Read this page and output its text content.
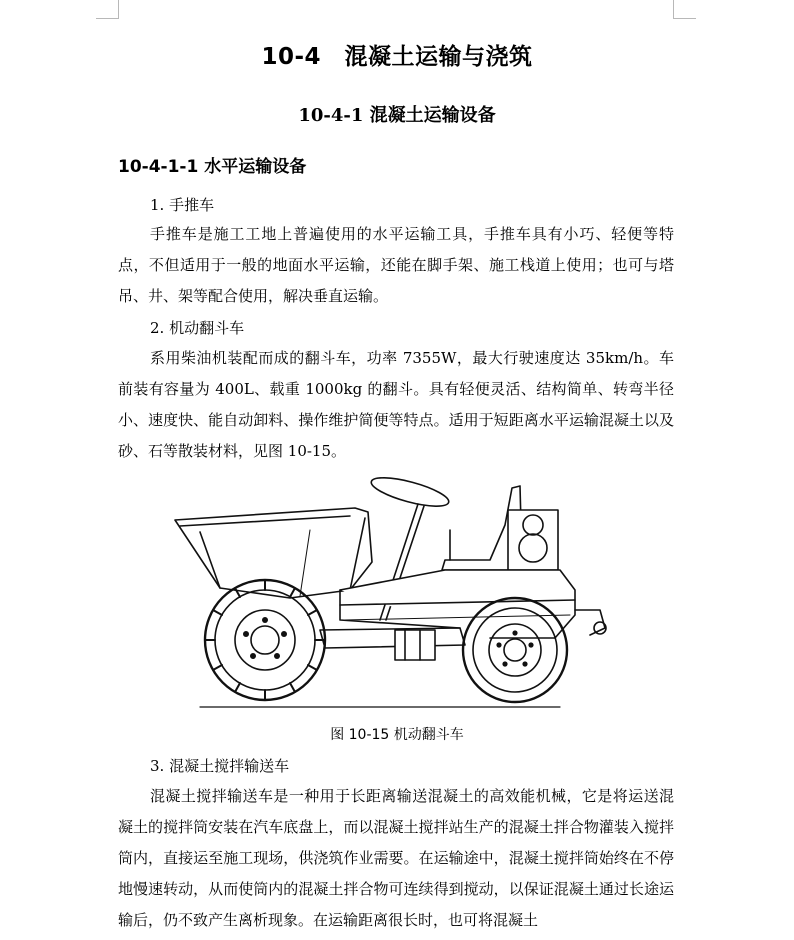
10-4　混凝土运输与浇筑
10-4-1 混凝土运输设备
10-4-1-1 水平运输设备
1. 手推车

手推车是施工工地上普遍使用的水平运输工具，手推车具有小巧、轻便等特点，不但适用于一般的地面水平运输，还能在脚手架、施工栈道上使用；也可与塔吊、井、架等配合使用，解决垂直运输。

2. 机动翻斗车

系用柴油机装配而成的翻斗车，功率 7355W，最大行驶速度达 35km/h。车前装有容量为 400L、载重 1000kg 的翻斗。具有轻便灵活、结构简单、转弯半径小、速度快、能自动卸料、操作维护简便等特点。适用于短距离水平运输混凝土以及砂、石等散装材料，见图 10-15。

图 10-15 机动翻斗车
3. 混凝土搅拌输送车

混凝土搅拌输送车是一种用于长距离输送混凝土的高效能机械，它是将运送混凝土的搅拌筒安装在汽车底盘上，而以混凝土搅拌站生产的混凝土拌合物灌装入搅拌筒内，直接运至施工现场，供浇筑作业需要。在运输途中，混凝土搅拌筒始终在不停地慢速转动，从而使筒内的混凝土拌合物可连续得到搅动，以保证混凝土通过长途运输后，仍不致产生离析现象。在运输距离很长时，也可将混凝土
